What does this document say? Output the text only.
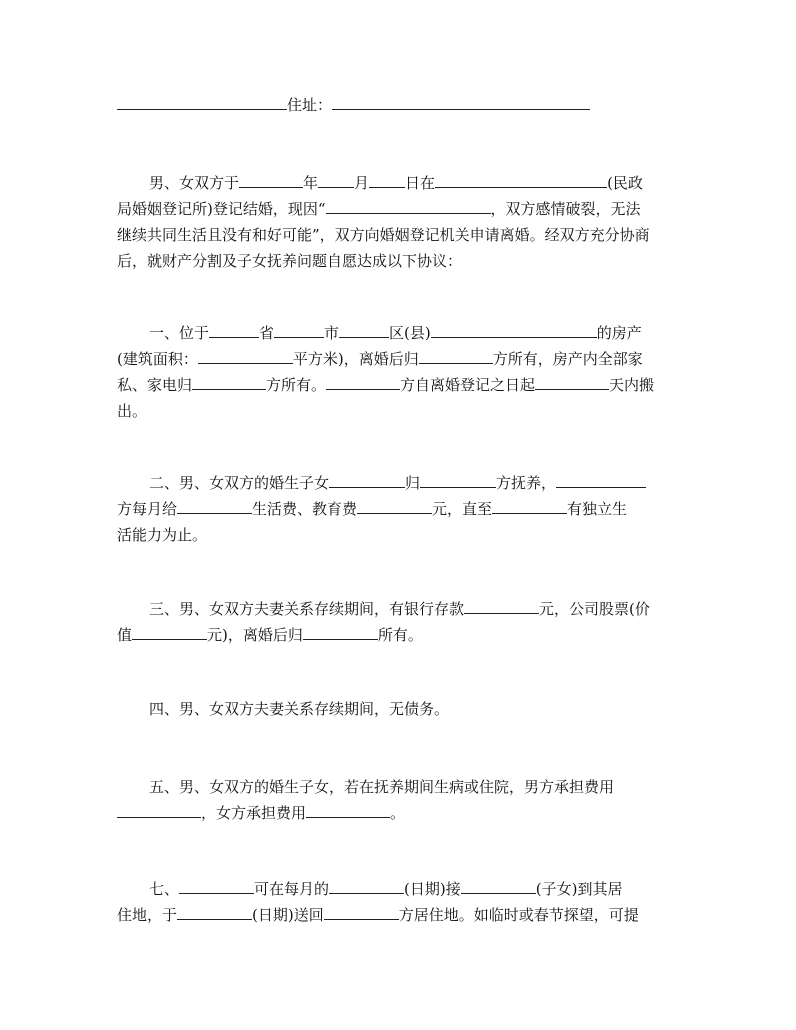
住址：
男、女双方于	年 月 日在	(民政
局婚姻登记所)登记结婚，现因“	，双方感情破裂，无法
继续共同生活且没有和好可能”，双方向婚姻登记机关申请离婚。经双方充分协商
后，就财产分割及子女抚养问题自愿达成以下协议：
一、位于	省	市	区(县)	的房产
(建筑面积：	平方米)，离婚后归	方所有，房产内全部家
私、家电归	方所有。	方自离婚登记之日起	天内搬
出。
二、男、女双方的婚生子女	归	方抚养，
方每月给	生活费、教育费	元，直至	有独立生
活能力为止。
三、男、女双方夫妻关系存续期间，有银行存款	元，公司股票(价
值	元)，离婚后归	所有。
四、男、女双方夫妻关系存续期间，无债务。
五、男、女双方的婚生子女，若在抚养期间生病或住院，男方承担费用
，女方承担费用	。
七、	可在每月的	(日期)接	(子女)到其居
住地，于	(日期)送回	方居住地。如临时或春节探望，可提
